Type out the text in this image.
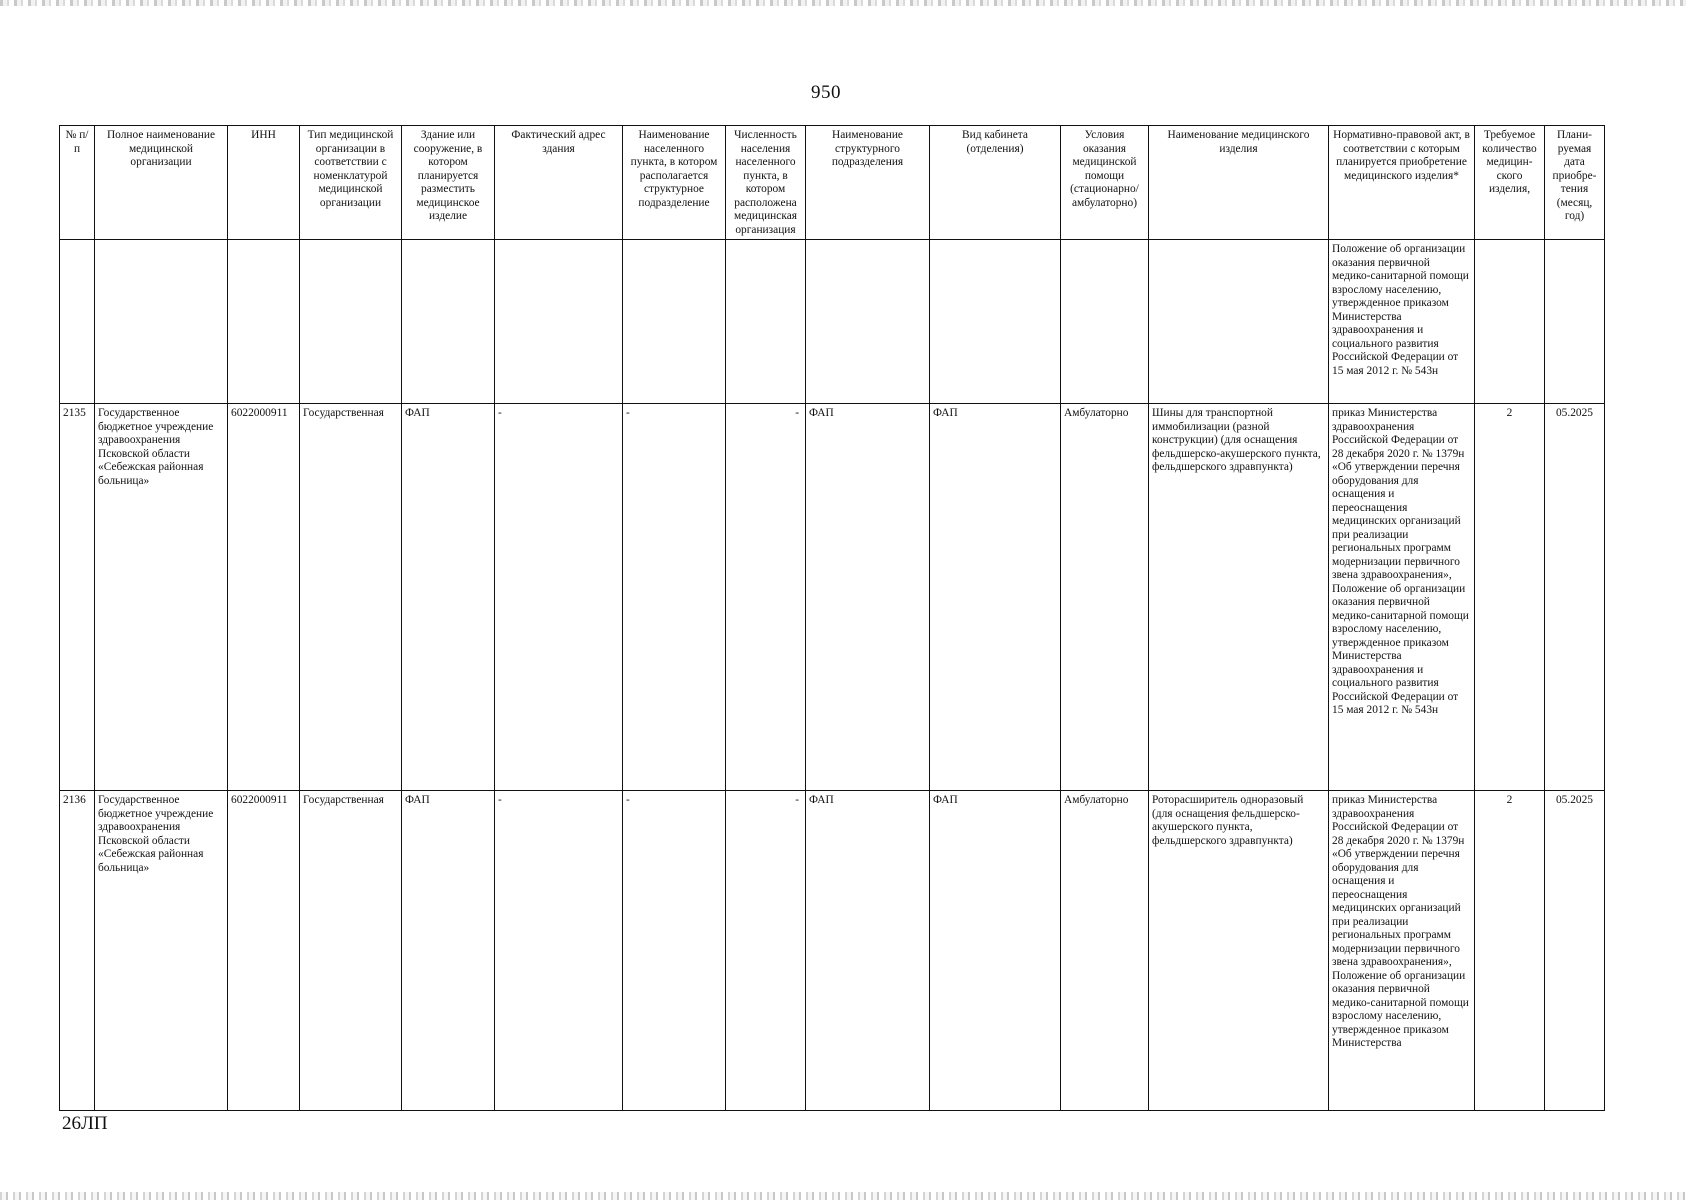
950
№ п/п	Полное наименование медицинской организации	ИНН	Тип медицинской организации в соответствии с номенклатурой медицинской организации	Здание или сооружение, в котором планируется разместить медицинское изделие	Фактический адрес здания	Наименование населенного пункта, в котором располагается структурное подразделение	Численность населения населенного пункта, в котором расположена медицинская организация	Наименование структурного подразделения	Вид кабинета (отделения)	Условия оказания медицинской помощи (стационарно/ амбулаторно)	Наименование медицинского изделия	Нормативно-правовой акт, в соответствии с которым планируется приобретение медицинского изделия*	Требуемое количество медицин-ского изделия,	Плани-руемая дата приобре-тения (месяц, год)
												Положение об организации оказания первичной медико-санитарной помощи взрослому населению, утвержденное приказом Министерства здравоохранения и социального развития Российской Федерации от 15 мая 2012 г. № 543н		
2135	Государственное бюджетное учреждение здравоохранения Псковской области «Себежская районная больница»	6022000911	Государственная	ФАП	-	-	-	ФАП	ФАП	Амбулаторно	Шины для транспортной иммобилизации (разной конструкции) (для оснащения фельдшерско-акушерского пункта, фельдшерского здравпункта)	приказ Министерства здравоохранения Российской Федерации от 28 декабря 2020 г. № 1379н «Об утверждении перечня оборудования для оснащения и переоснащения медицинских организаций при реализации региональных программ модернизации первичного звена здравоохранения», Положение об организации оказания первичной медико-санитарной помощи взрослому населению, утвержденное приказом Министерства здравоохранения и социального развития Российской Федерации от 15 мая 2012 г. № 543н	2	05.2025
2136	Государственное бюджетное учреждение здравоохранения Псковской области «Себежская районная больница»	6022000911	Государственная	ФАП	-	-	-	ФАП	ФАП	Амбулаторно	Роторасширитель одноразовый (для оснащения фельдшерско-акушерского пункта, фельдшерского здравпункта)	приказ Министерства здравоохранения Российской Федерации от 28 декабря 2020 г. № 1379н «Об утверждении перечня оборудования для оснащения и переоснащения медицинских организаций при реализации региональных программ модернизации первичного звена здравоохранения», Положение об организации оказания первичной медико-санитарной помощи взрослому населению, утвержденное приказом Министерства	2	05.2025
26ЛП
